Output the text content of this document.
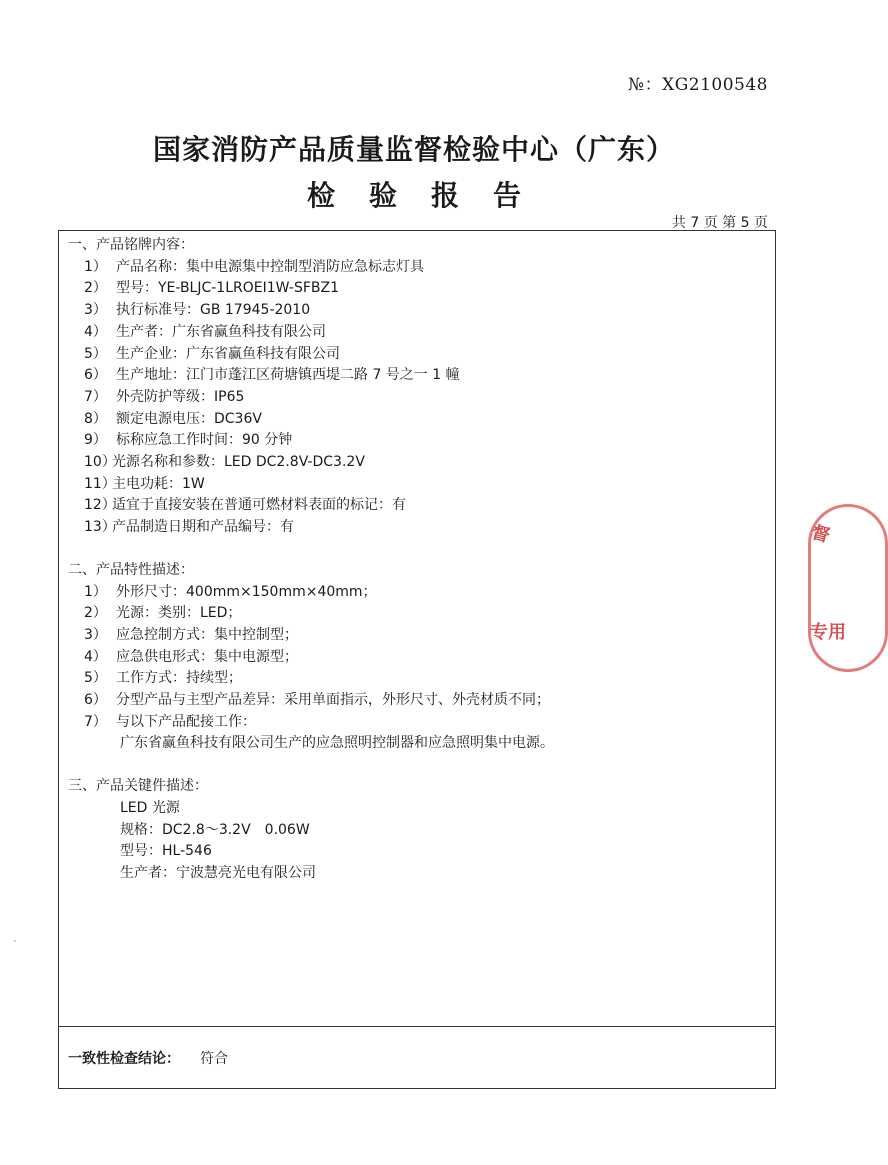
№：XG2100548
国家消防产品质量监督检验中心（广东）
检 验 报 告
共 7 页 第 5 页
一、产品铭牌内容：
1） 产品名称：集中电源集中控制型消防应急标志灯具
2） 型号：YE-BLJC-1LROEⅠ1W-SFBZ1
3） 执行标准号：GB 17945-2010
4） 生产者：广东省赢鱼科技有限公司
5） 生产企业：广东省赢鱼科技有限公司
6） 生产地址：江门市蓬江区荷塘镇西堤二路 7 号之一 1 幢
7） 外壳防护等级：IP65
8） 额定电源电压：DC36V
9） 标称应急工作时间：90 分钟
10）
光源名称和参数：LED DC2.8V-DC3.2V
11）
主电功耗：1W
12）
适宜于直接安装在普通可燃材料表面的标记：有
13）
产品制造日期和产品编号：有
二、产品特性描述：
1） 外形尺寸：400mm×150mm×40mm；
2） 光源：类别：LED；
3） 应急控制方式：集中控制型；
4） 应急供电形式：集中电源型；
5） 工作方式：持续型；
6） 分型产品与主型产品差异：采用单面指示，外形尺寸、外壳材质不同；
7） 与以下产品配接工作：
广东省赢鱼科技有限公司生产的应急照明控制器和应急照明集中电源。
三、产品关键件描述：
LED 光源
规格：DC2.8～3.2V　0.06W
型号：HL-546
生产者：宁波慧亮光电有限公司
一致性检查结论： 符合
督
专用
